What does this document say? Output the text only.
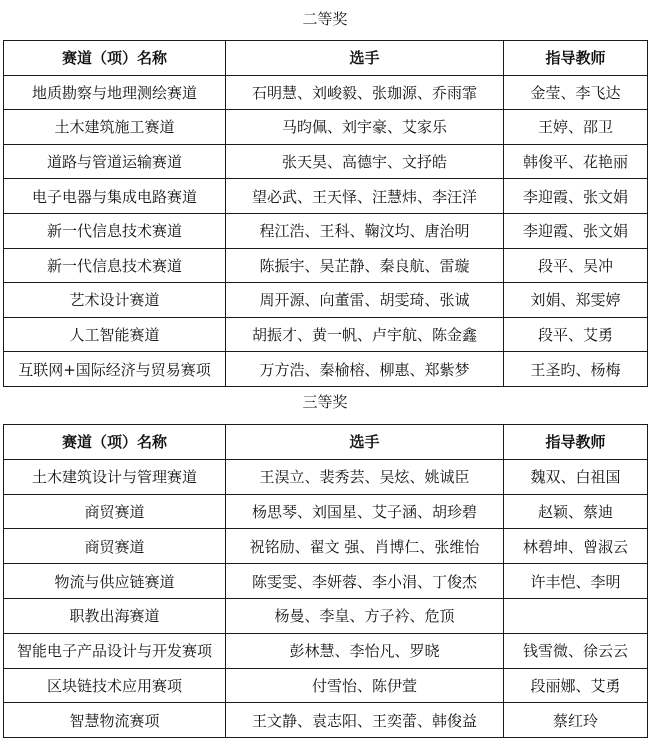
二等奖
赛道（项）名称	选手	指导教师
地质勘察与地理测绘赛道	石明慧、刘峻毅、张珈源、乔雨霏	金莹、李飞达
土木建筑施工赛道	马昀佩、刘宇豪、艾家乐	王婷、邵卫
道路与管道运输赛道	张天昊、高德宇、文抒皓	韩俊平、花艳丽
电子电器与集成电路赛道	望必武、王天怿、汪慧炜、李汪洋	李迎霞、张文娟
新一代信息技术赛道	程江浩、王科、鞠汶均、唐治明	李迎霞、张文娟
新一代信息技术赛道	陈振宇、吴芷静、秦良航、雷璇	段平、吴冲
艺术设计赛道	周开源、向董雷、胡雯琦、张诚	刘娟、郑雯婷
人工智能赛道	胡振才、黄一帆、卢宇航、陈金鑫	段平、艾勇
互联网+国际经济与贸易赛项	万方浩、秦榆榕、柳惠、郑紫梦	王圣昀、杨梅
三等奖
赛道（项）名称	选手	指导教师
土木建筑设计与管理赛道	王淏立、裴秀芸、吴炫、姚诚臣	魏双、白祖国
商贸赛道	杨思琴、刘国星、艾子涵、胡珍碧	赵颖、蔡迪
商贸赛道	祝铭励、翟文 强、肖博仁、张维怡	林碧坤、曾淑云
物流与供应链赛道	陈雯雯、李妍蓉、李小涓、丁俊杰	许丰恺、李明
职教出海赛道	杨曼、李皇、方子衿、危顶	
智能电子产品设计与开发赛项	彭林慧、李怡凡、罗晓	钱雪微、徐云云
区块链技术应用赛项	付雪怡、陈伊萱	段丽娜、艾勇
智慧物流赛项	王文静、袁志阳、王奕蕾、韩俊益	蔡红玲
